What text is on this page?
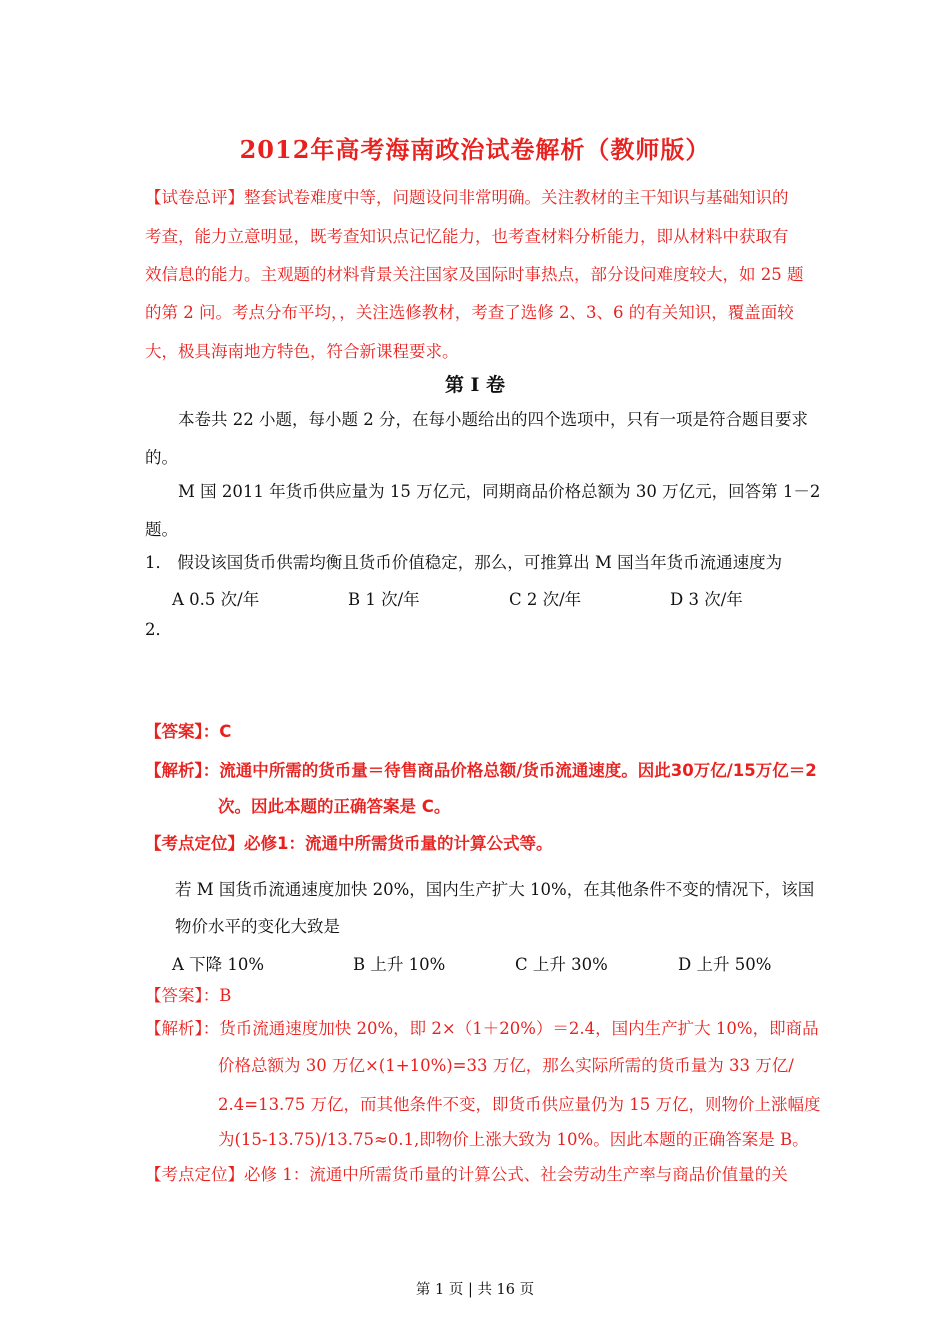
2012年高考海南政治试卷解析（教师版）
【试卷总评】整套试卷难度中等，问题设问非常明确。关注教材的主干知识与基础知识的
考查，能力立意明显，既考查知识点记忆能力，也考查材料分析能力，即从材料中获取有
效信息的能力。主观题的材料背景关注国家及国际时事热点，部分设问难度较大，如 25 题
的第 2 问。考点分布平均，，关注选修教材，考查了选修 2、3、6 的有关知识，覆盖面较
大，极具海南地方特色，符合新课程要求。
第 I 卷
本卷共 22 小题，每小题 2 分，在每小题给出的四个选项中，只有一项是符合题目要求
的。
M 国 2011 年货币供应量为 15 万亿元，同期商品价格总额为 30 万亿元，回答第 1－2
题。
1． 假设该国货币供需均衡且货币价值稳定，那么，可推算出 M 国当年货币流通速度为
A 0.5 次/年	B 1 次/年	C 2 次/年	D 3 次/年
2．
【答案】：C
【解析】：流通中所需的货币量＝待售商品价格总额/货币流通速度。因此30万亿/15万亿＝2
次。因此本题的正确答案是 C。
【考点定位】必修1：流通中所需货币量的计算公式等。
若 M 国货币流通速度加快 20%，国内生产扩大 10%，在其他条件不变的情况下，该国
物价水平的变化大致是
A 下降 10%	B 上升 10%	C 上升 30%	D 上升 50%
【答案】：B
【解析】：货币流通速度加快 20%，即 2×（1＋20%）＝2.4，国内生产扩大 10%，即商品
价格总额为 30 万亿×(1+10%)=33 万亿，那么实际所需的货币量为 33 万亿/
2.4=13.75 万亿，而其他条件不变，即货币供应量仍为 15 万亿，则物价上涨幅度
为(15-13.75)/13.75≈0.1,即物价上涨大致为 10%。因此本题的正确答案是 B。
【考点定位】必修 1：流通中所需货币量的计算公式、社会劳动生产率与商品价值量的关
第 1 页 | 共 16 页
